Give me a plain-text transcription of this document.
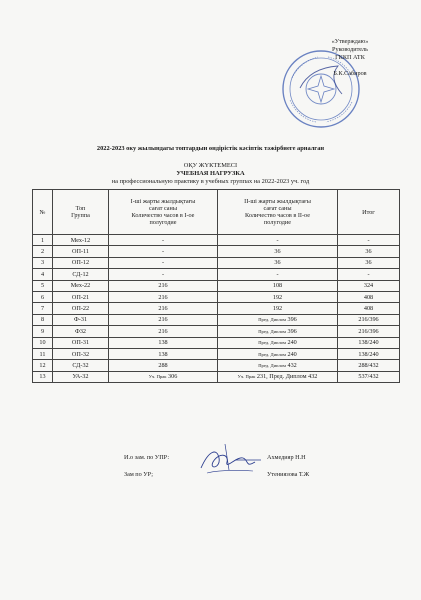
«Утверждаю»
Руководитель
ГККП АТК
Б.К.Сабиров
2022-2023 оку жылындагы топтардын өндірістік кәсіптік тәжірбиеге арналган
ОҚУ ЖҮКТЕМЕСІ
УЧЕБНАЯ НАГРУЗКА
на профессиональную практику в учебных группах на 2022-2023 уч. год
№	Топ
Группа	І-ші жарты жылдықтағы
сағат саны
Количество часов в І-ое
полугодие	ІІ-ші жарты жылдықтағы
сағат саны
Количество часов в ІІ-ое
полугодие	Итог
1	Мех-12	-	-	-
2	ОП-11	-	36	36
3	ОП-12	-	36	36
4	СД-12	-	-	-
5	Мех-22	216	108	324
6	ОП-21	216	192	408
7	ОП-22	216	192	408
8	Ф-31	216	Пред. Диплом 396	216/396
9	Ф32	216	Пред. Диплом 396	216/396
10	ОП-31	138	Пред. Диплом 240	138/240
11	ОП-32	138	Пред. Диплом 240	138/240
12	СД-32	288	Пред. Диплом 432	288/432
13	УА-32	Уч. Прак 306	Уч. Прак 231, Пред. Диплом 432	537/432
И.о зам. по УПР:	Ахмедияр Н.Н
Зам по УР;	Утениязова Т.Ж
